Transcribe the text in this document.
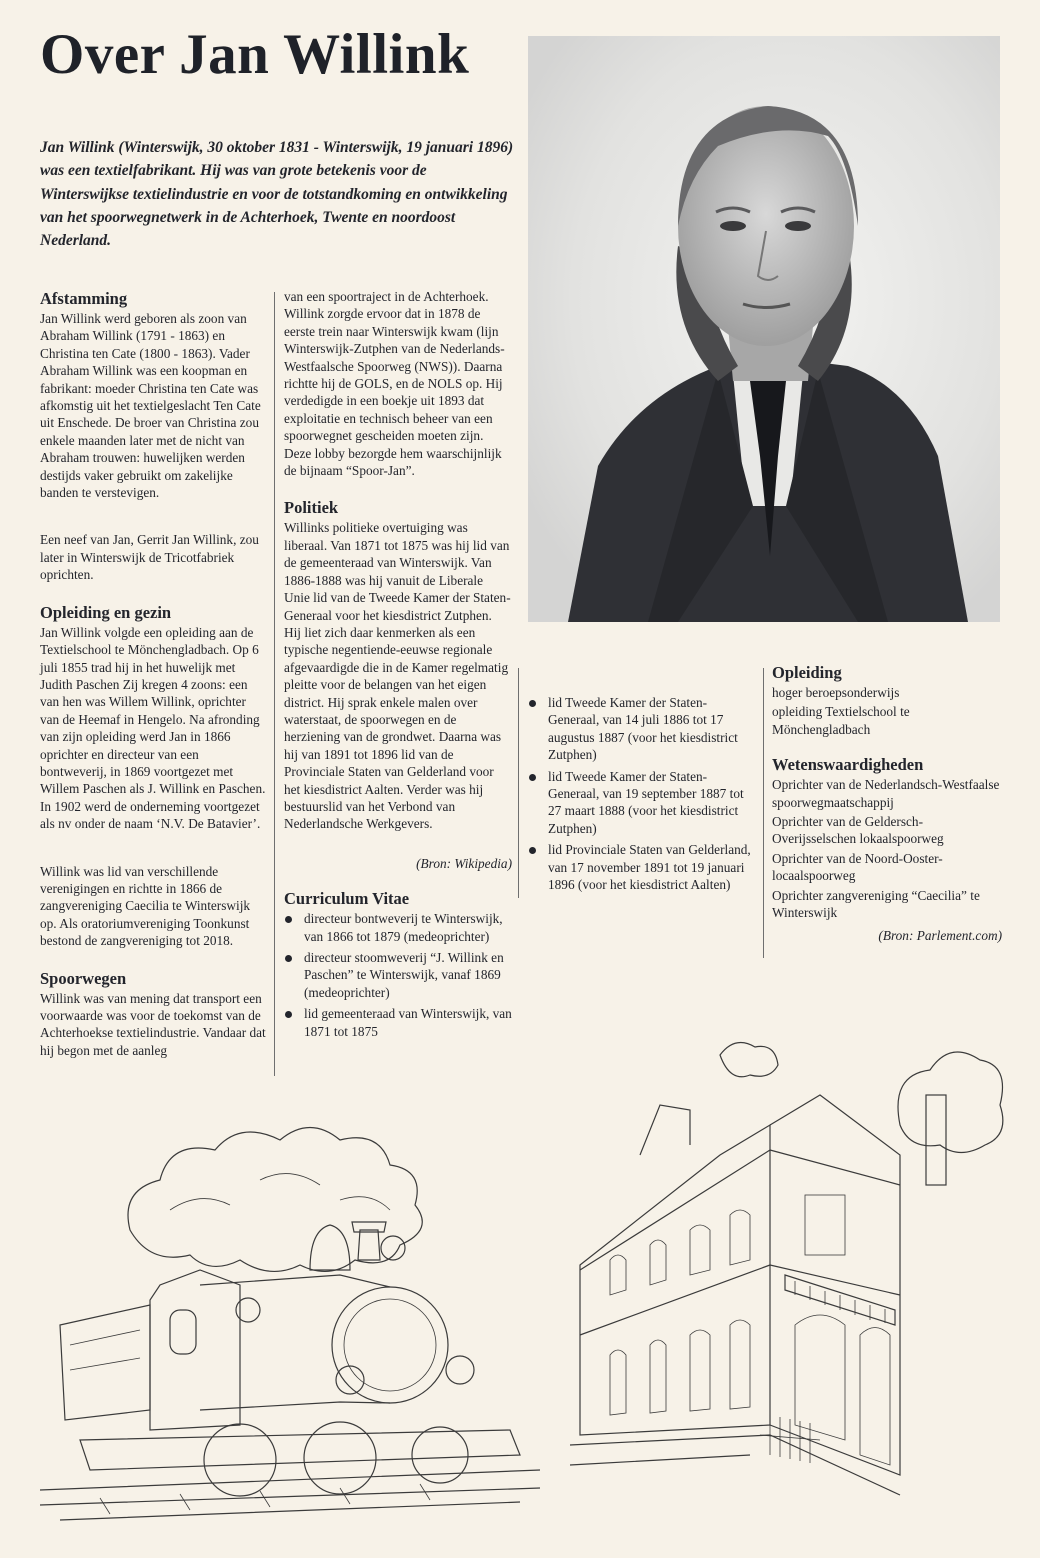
Over Jan Willink

Jan Willink (Winterswijk, 30 oktober 1831 - Winterswijk, 19 januari 1896) was een textielfabrikant. Hij was van grote betekenis voor de Winterswijkse textielindustrie en voor de totstandkoming en ontwikkeling van het spoorwegnetwerk in de Achterhoek, Twente en noordoost Nederland.

Afstamming

Jan Willink werd geboren als zoon van Abraham Willink (1791 - 1863) en Christina ten Cate (1800 - 1863). Vader Abraham Willink was een koopman en fabrikant: moeder Christina ten Cate was afkomstig uit het textielgeslacht Ten Cate uit Enschede. De broer van Christina zou enkele maanden later met de nicht van Abraham trouwen: huwelijken werden destijds vaker gebruikt om zakelijke banden te verstevigen.

Een neef van Jan, Gerrit Jan Willink, zou later in Winterswijk de Tricotfabriek oprichten.

Opleiding en gezin

Jan Willink volgde een opleiding aan de Textielschool te Mönchengladbach. Op 6 juli 1855 trad hij in het huwelijk met Judith Paschen Zij kregen 4 zoons: een van hen was Willem Willink, oprichter van de Heemaf in Hengelo. Na afronding van zijn opleiding werd Jan in 1866 oprichter en directeur van een bontweverij, in 1869 voortgezet met Willem Paschen als J. Willink en Paschen. In 1902 werd de onderneming voortgezet als nv onder de naam ‘N.V. De Batavier’.

Willink was lid van verschillende verenigingen en richtte in 1866 de zangvereniging Caecilia te Winterswijk op. Als oratoriumvereniging Toonkunst bestond de zangvereniging tot 2018.

Spoorwegen

Willink was van mening dat transport een voorwaarde was voor de toekomst van de Achterhoekse textielindustrie. Vandaar dat hij begon met de aanleg

van een spoortraject in de Achterhoek. Willink zorgde ervoor dat in 1878 de eerste trein naar Winterswijk kwam (lijn Winterswijk-Zutphen van de Nederlands-Westfaalsche Spoorweg (NWS)). Daarna richtte hij de GOLS, en de NOLS op. Hij verdedigde in een boekje uit 1893 dat exploitatie en technisch beheer van een spoorwegnet gescheiden moeten zijn. Deze lobby bezorgde hem waarschijnlijk de bijnaam “Spoor-Jan”.

Politiek

Willinks politieke overtuiging was liberaal. Van 1871 tot 1875 was hij lid van de gemeenteraad van Winterswijk. Van 1886-1888 was hij vanuit de Liberale Unie lid van de Tweede Kamer der Staten-Generaal voor het kiesdistrict Zutphen. Hij liet zich daar kenmerken als een typische negentiende-eeuwse regionale afgevaardigde die in de Kamer regelmatig pleitte voor de belangen van het eigen district. Hij sprak enkele malen over waterstaat, de spoorwegen en de herziening van de grondwet. Daarna was hij van 1891 tot 1896 lid van de Provinciale Staten van Gelderland voor het kiesdistrict Aalten. Verder was hij bestuurslid van het Verbond van Nederlandsche Werkgevers.

(Bron: Wikipedia)

Curriculum Vitae
directeur bontweverij te Winterswijk, van 1866 tot 1879 (medeoprichter)
directeur stoomweverij “J. Willink en Paschen” te Winterswijk, vanaf 1869 (medeoprichter)
lid gemeenteraad van Winterswijk, van 1871 tot 1875
lid Tweede Kamer der Staten-Generaal, van 14 juli 1886 tot 17 augustus 1887 (voor het kiesdistrict Zutphen)
lid Tweede Kamer der Staten-Generaal, van 19 september 1887 tot 27 maart 1888 (voor het kiesdistrict Zutphen)
lid Provinciale Staten van Gelderland, van 17 november 1891 tot 19 januari 1896 (voor het kiesdistrict Aalten)
Opleiding

hoger beroepsonderwijs

opleiding Textielschool te Mönchengladbach

Wetenswaardigheden

Oprichter van de Nederlandsch-Westfaalse spoorwegmaatschappij

Oprichter van de Geldersch-Overijsselschen lokaalspoorweg

Oprichter van de Noord-Ooster-locaalspoorweg

Oprichter zangvereniging “Caecilia” te Winterswijk

(Bron: Parlement.com)
